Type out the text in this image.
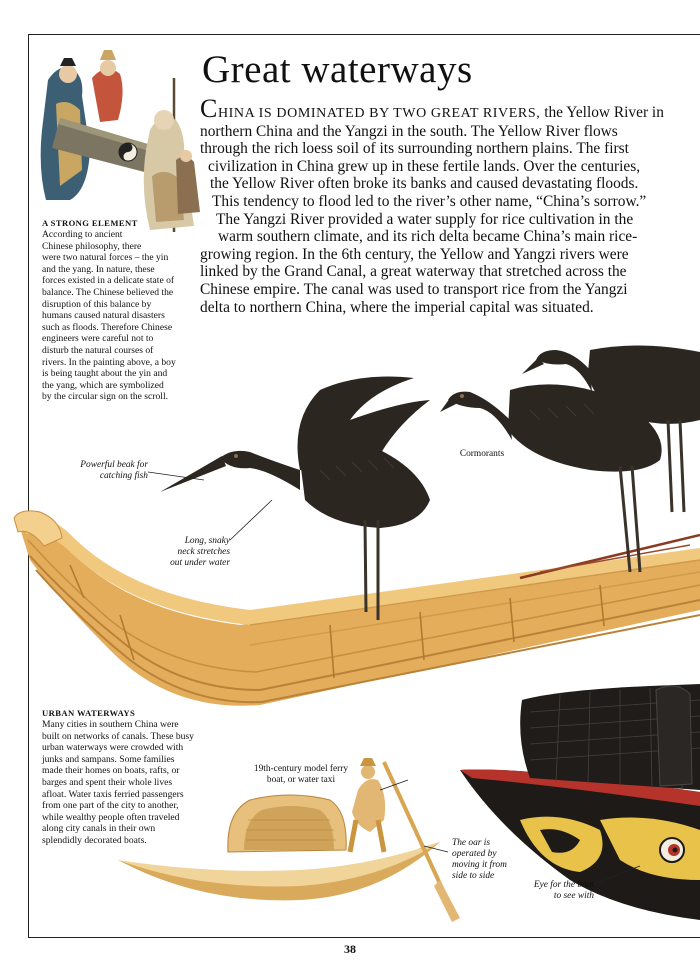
Great waterways
CHINA IS DOMINATED BY TWO GREAT RIVERS, the Yellow River in
northern China and the Yangzi in the south. The Yellow River flows
through the rich loess soil of its surrounding northern plains. The first
civilization in China grew up in these fertile lands. Over the centuries,
the Yellow River often broke its banks and caused devastating floods.
This tendency to flood led to the river’s other name, “China’s sorrow.”
The Yangzi River provided a water supply for rice cultivation in the
warm southern climate, and its rich delta became China’s main rice-
growing region. In the 6th century, the Yellow and Yangzi rivers were
linked by the Grand Canal, a great waterway that stretched across the
Chinese empire. The canal was used to transport rice from the Yangzi
delta to northern China, where the imperial capital was situated.
A STRONG ELEMENT
According to ancient
Chinese philosophy, there
were two natural forces – the yin
and the yang. In nature, these
forces existed in a delicate state of
balance. The Chinese believed the
disruption of this balance by
humans caused natural disasters
such as floods. Therefore Chinese
engineers were careful not to
disturb the natural courses of
rivers. In the painting above, a boy
is being taught about the yin and
the yang, which are symbolized
by the circular sign on the scroll.
URBAN WATERWAYS
Many cities in southern China were
built on networks of canals. These busy
urban waterways were crowded with
junks and sampans. Some families
made their homes on boats, rafts, or
barges and spent their whole lives
afloat. Water taxis ferried passengers
from one part of the city to another,
while wealthy people often traveled
along city canals in their own
splendidly decorated boats.
Powerful beak for
catching fish
Long, snaky
neck stretches
out under water
Cormorants
19th-century model ferry
boat, or water taxi
The oar is
operated by
moving it from
side to side
Eye for the boat
to see with
38
